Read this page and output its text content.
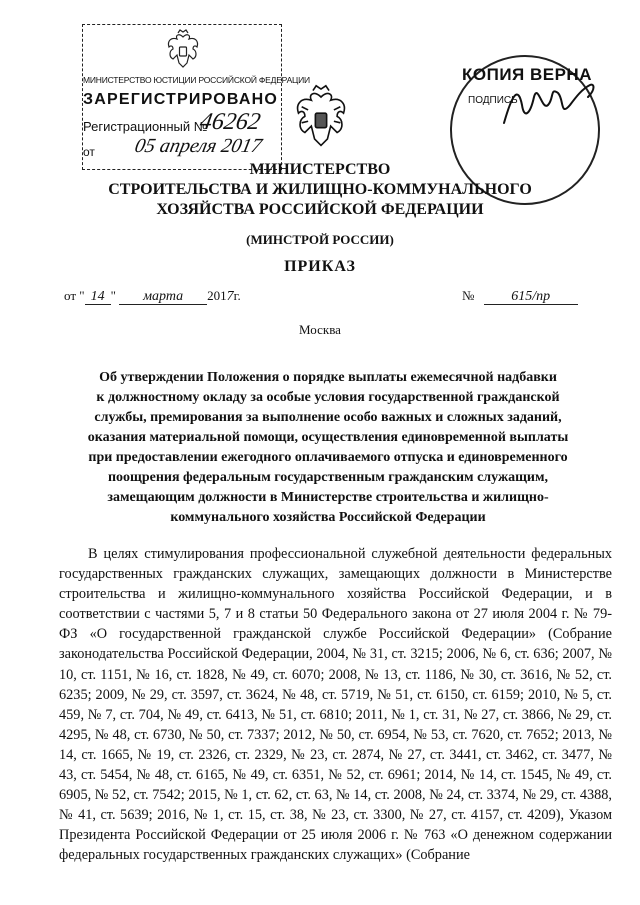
МИНИСТЕРСТВО ЮСТИЦИИ РОССИЙСКОЙ ФЕДЕРАЦИИ
ЗАРЕГИСТРИРОВАНО
Регистрационный №
46262
от	05 апреля 2017
КОПИЯ ВЕРНА
ПОДПИСЬ
МИНИСТЕРСТВО
СТРОИТЕЛЬСТВА И ЖИЛИЩНО-КОММУНАЛЬНОГО
ХОЗЯЙСТВА РОССИЙСКОЙ ФЕДЕРАЦИИ
(МИНСТРОЙ РОССИИ)
ПРИКАЗ
от " 14 " марта 2017г.	№	615/пр
Москва
Об утверждении Положения о порядке выплаты ежемесячной надбавки
к должностному окладу за особые условия государственной гражданской
службы, премирования за выполнение особо важных и сложных заданий,
оказания материальной помощи, осуществления единовременной выплаты
при предоставлении ежегодного оплачиваемого отпуска и единовременного
поощрения федеральным государственным гражданским служащим,
замещающим должности в Министерстве строительства и жилищно-
коммунального хозяйства Российской Федерации

В целях стимулирования профессиональной служебной деятельности федеральных государственных гражданских служащих, замещающих должности в Министерстве строительства и жилищно-коммунального хозяйства Российской Федерации, и в соответствии с частями 5, 7 и 8 статьи 50 Федерального закона от 27 июля 2004 г. № 79-ФЗ «О государственной гражданской службе Российской Федерации» (Собрание законодательства Российской Федерации, 2004, № 31, ст. 3215; 2006, № 6, ст. 636; 2007, № 10, ст. 1151, № 16, ст. 1828, № 49, ст. 6070; 2008, № 13, ст. 1186, № 30, ст. 3616, № 52, ст. 6235; 2009, № 29, ст. 3597, ст. 3624, № 48, ст. 5719, № 51, ст. 6150, ст. 6159; 2010, № 5, ст. 459, № 7, ст. 704, № 49, ст. 6413, № 51, ст. 6810; 2011, № 1, ст. 31, № 27, ст. 3866, № 29, ст. 4295, № 48, ст. 6730, № 50, ст. 7337; 2012, № 50, ст. 6954, № 53, ст. 7620, ст. 7652; 2013, № 14, ст. 1665, № 19, ст. 2326, ст. 2329, № 23, ст. 2874, № 27, ст. 3441, ст. 3462, ст. 3477, № 43, ст. 5454, № 48, ст. 6165, № 49, ст. 6351, № 52, ст. 6961; 2014, № 14, ст. 1545, № 49, ст. 6905, № 52, ст. 7542; 2015, № 1, ст. 62, ст. 63, № 14, ст. 2008, № 24, ст. 3374, № 29, ст. 4388, № 41, ст. 5639; 2016, № 1, ст. 15, ст. 38, № 23, ст. 3300, № 27, ст. 4157, ст. 4209), Указом Президента Российской Федерации от 25 июля 2006 г. № 763 «О денежном содержании федеральных государственных гражданских служащих» (Собрание
